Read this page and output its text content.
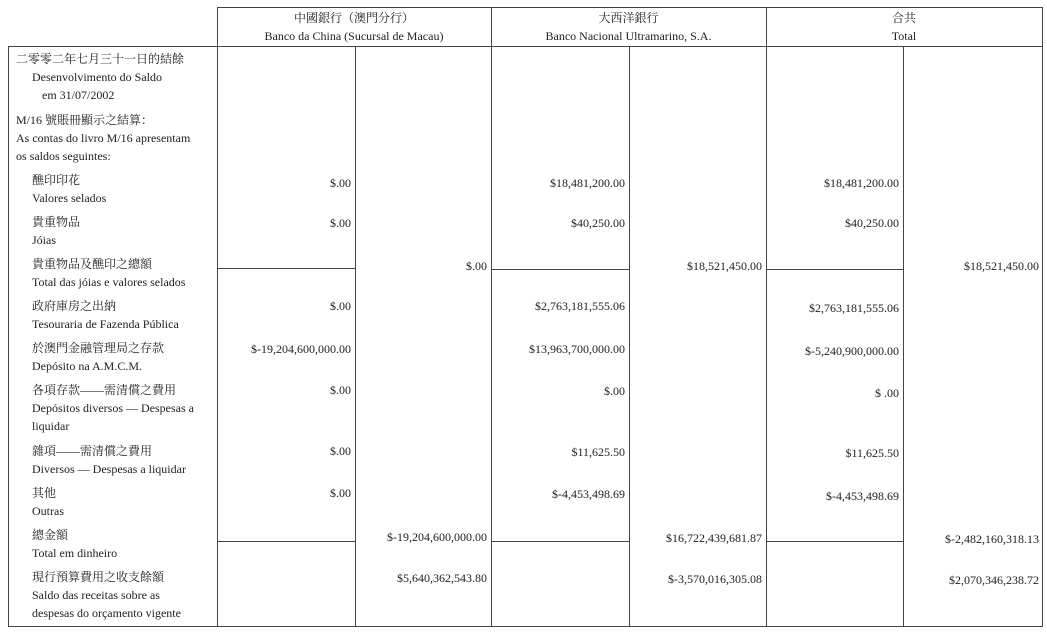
中國銀行（澳門分行）
Banco da China (Sucursal de Macau)
大西洋銀行
Banco Nacional Ultramarino, S.A.
合共
Total
二零零二年七月三十一日的結餘
Desenvolvimento do Saldo
em 31/07/2002
M/16 號賬冊顯示之結算：
As contas do livro M/16 apresentam
os saldos seguintes:
醮印印花
Valores selados
$.00	$18,481,200.00	$18,481,200.00
貴重物品
Jóias
$.00	$40,250.00	$40,250.00
貴重物品及醮印之總額
Total das jóias e valores selados
$.00	$18,521,450.00	$18,521,450.00
政府庫房之出納
Tesouraria de Fazenda Pública
$.00	$2,763,181,555.06	$2,763,181,555.06
於澳門金融管理局之存款
Depósito na A.M.C.M.
$-19,204,600,000.00	$13,963,700,000.00	$-5,240,900,000.00
各項存款——需清償之費用
Depósitos diversos — Despesas a
liquidar
$.00	$.00	$ .00
雜項——需清償之費用
Diversos — Despesas a liquidar
$.00	$11,625.50	$11,625.50
其他
Outras
$.00	$-4,453,498.69	$-4,453,498.69
總金額
Total em dinheiro
$-19,204,600,000.00	$16,722,439,681.87	$-2,482,160,318.13
現行預算費用之收支餘額
Saldo das receitas sobre as
despesas do orçamento vigente
$5,640,362,543.80	$-3,570,016,305.08	$2,070,346,238.72
